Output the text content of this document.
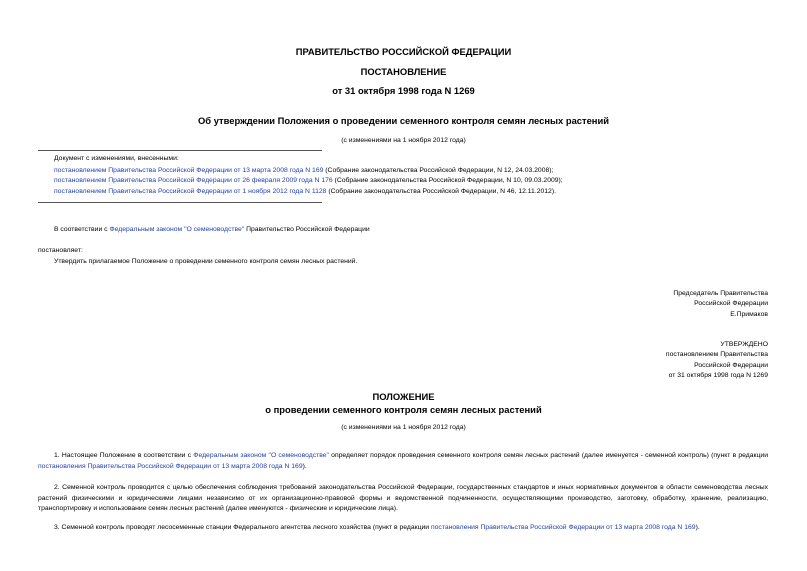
ПРАВИТЕЛЬСТВО РОССИЙСКОЙ ФЕДЕРАЦИИ
ПОСТАНОВЛЕНИЕ
от 31 октября 1998 года N 1269
Об утверждении Положения о проведении семенного контроля семян лесных растений
(с изменениями на 1 ноября 2012 года)
Документ с изменениями, внесенными:
постановлением Правительства Российской Федерации от 13 марта 2008 года N 169 (Собрание законодательства Российской Федерации, N 12, 24.03.2008);
постановлением Правительства Российской Федерации от 26 февраля 2009 года N 176 (Собрание законодательства Российской Федерации, N 10, 09.03.2009);
постановлением Правительства Российской Федерации от 1 ноября 2012 года N 1128 (Собрание законодательства Российской Федерации, N 46, 12.11.2012).
В соответствии с Федеральным законом "О семеноводстве" Правительство Российской Федерации
постановляет:
Утвердить прилагаемое Положение о проведении семенного контроля семян лесных растений.
Председатель Правительства
Российской Федерации
Е.Примаков
УТВЕРЖДЕНО
постановлением Правительства
Российской Федерации
от 31 октября 1998 года N 1269
ПОЛОЖЕНИЕ
о проведении семенного контроля семян лесных растений
(с изменениями на 1 ноября 2012 года)
1. Настоящее Положение в соответствии с Федеральным законом "О семеноводстве" определяет порядок проведения семенного контроля семян лесных растений (далее именуется - семенной контроль) (пункт в редакции постановления Правительства Российской Федерации от 13 марта 2008 года N 169).
2. Семенной контроль проводится с целью обеспечения соблюдения требований законодательства Российской Федерации, государственных стандартов и иных нормативных документов в области семеноводства лесных растений физическими и юридическими лицами независимо от их организационно-правовой формы и ведомственной подчиненности, осуществляющими производство, заготовку, обработку, хранение, реализацию, транспортировку и использование семян лесных растений (далее именуются - физические и юридические лица).
3. Семенной контроль проводят лесосеменные станции Федерального агентства лесного хозяйства (пункт в редакции постановления Правительства Российской Федерации от 13 марта 2008 года N 169).
